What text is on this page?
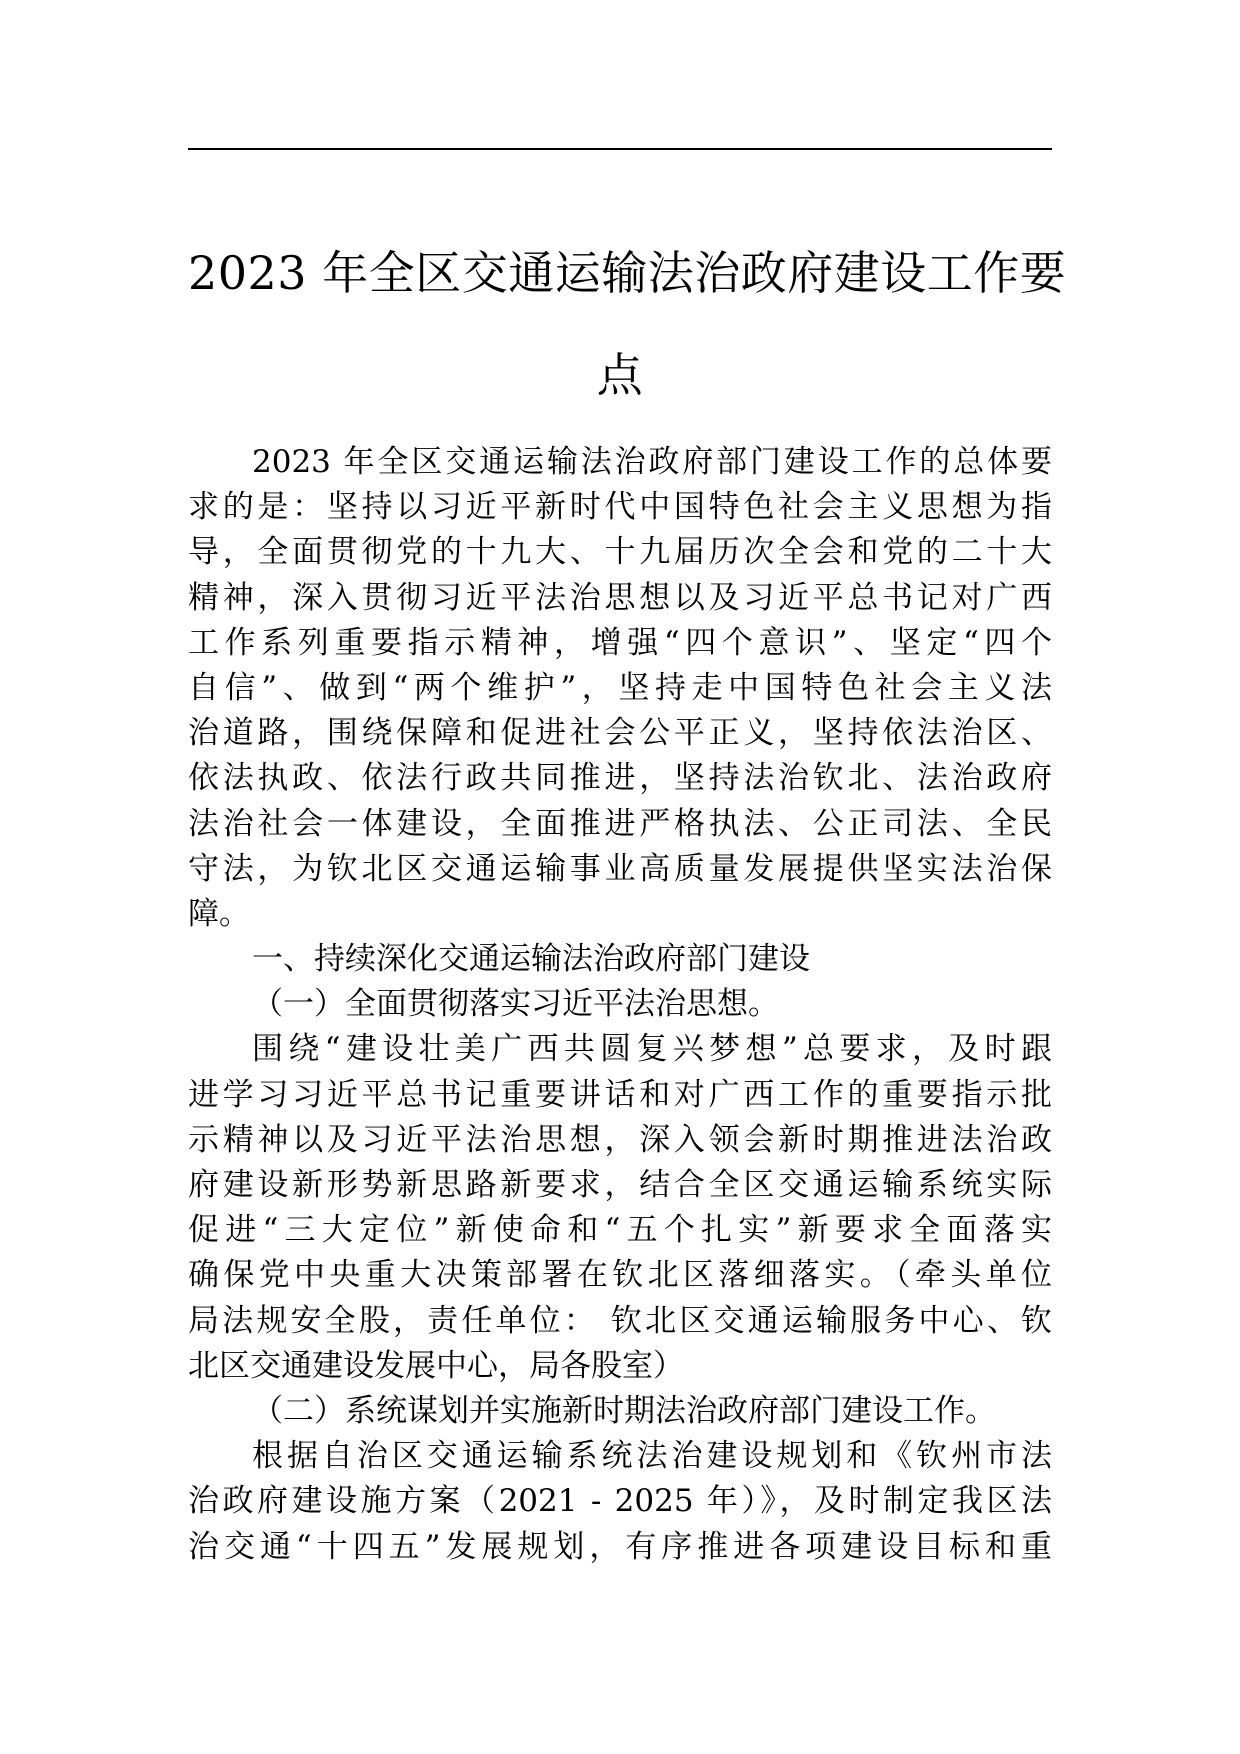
2023 年全区交通运输法治政府建设工作要
点
2023 年全区交通运输法治政府部门建设工作的总体要
求的是：坚持以习近平新时代中国特色社会主义思想为指
导，全面贯彻党的十九大、十九届历次全会和党的二十大
精神，深入贯彻习近平法治思想以及习近平总书记对广西
工作系列重要指示精神，增强“四个意识”、坚定“四个
自信”、做到“两个维护”，坚持走中国特色社会主义法
治道路，围绕保障和促进社会公平正义，坚持依法治区、
依法执政、依法行政共同推进，坚持法治钦北、法治政府
法治社会一体建设，全面推进严格执法、公正司法、全民
守法，为钦北区交通运输事业高质量发展提供坚实法治保
障。
一、持续深化交通运输法治政府部门建设
（一）全面贯彻落实习近平法治思想。
围绕“建设壮美广西共圆复兴梦想”总要求，及时跟
进学习习近平总书记重要讲话和对广西工作的重要指示批
示精神以及习近平法治思想，深入领会新时期推进法治政
府建设新形势新思路新要求，结合全区交通运输系统实际
促进“三大定位”新使命和“五个扎实”新要求全面落实
确保党中央重大决策部署在钦北区落细落实。（牵头单位
局法规安全股，责任单位： 钦北区交通运输服务中心、钦
北区交通建设发展中心，局各股室）
（二）系统谋划并实施新时期法治政府部门建设工作。
根据自治区交通运输系统法治建设规划和《钦州市法
治政府建设施方案（2021 - 2025 年）》，及时制定我区法
治交通“十四五”发展规划，有序推进各项建设目标和重
